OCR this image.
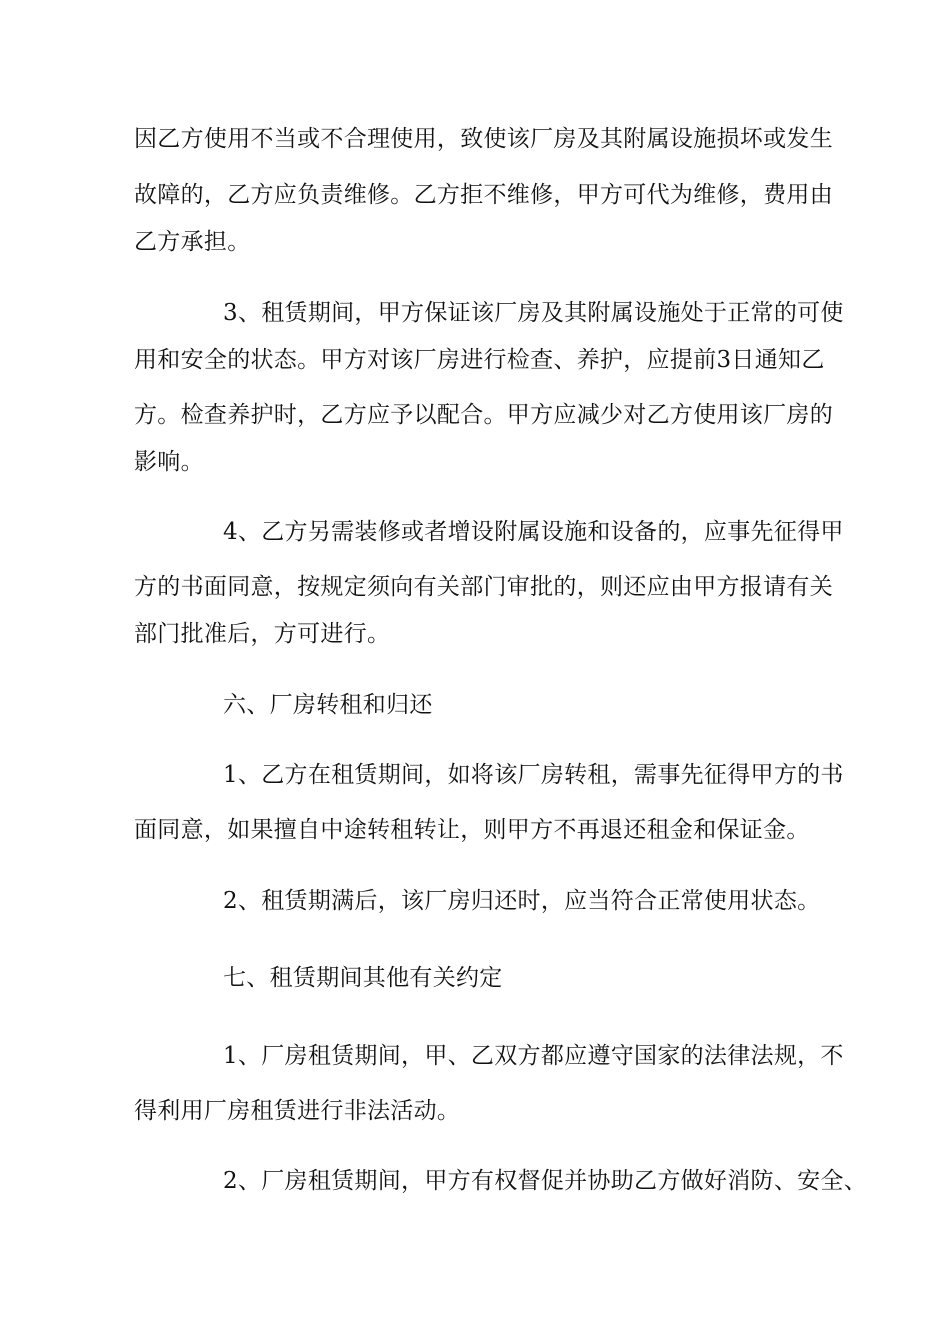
因乙方使用不当或不合理使用，致使该厂房及其附属设施损坏或发生

故障的，乙方应负责维修。乙方拒不维修，甲方可代为维修，费用由

乙方承担。

3、租赁期间，甲方保证该厂房及其附属设施处于正常的可使

用和安全的状态。甲方对该厂房进行检查、养护，应提前3日通知乙

方。检查养护时，乙方应予以配合。甲方应减少对乙方使用该厂房的

影响。

4、乙方另需装修或者增设附属设施和设备的，应事先征得甲

方的书面同意，按规定须向有关部门审批的，则还应由甲方报请有关

部门批准后，方可进行。

六、厂房转租和归还

1、乙方在租赁期间，如将该厂房转租，需事先征得甲方的书

面同意，如果擅自中途转租转让，则甲方不再退还租金和保证金。

2、租赁期满后，该厂房归还时，应当符合正常使用状态。

七、租赁期间其他有关约定

1、厂房租赁期间，甲、乙双方都应遵守国家的法律法规，不

得利用厂房租赁进行非法活动。

2、厂房租赁期间，甲方有权督促并协助乙方做好消防、安全、
